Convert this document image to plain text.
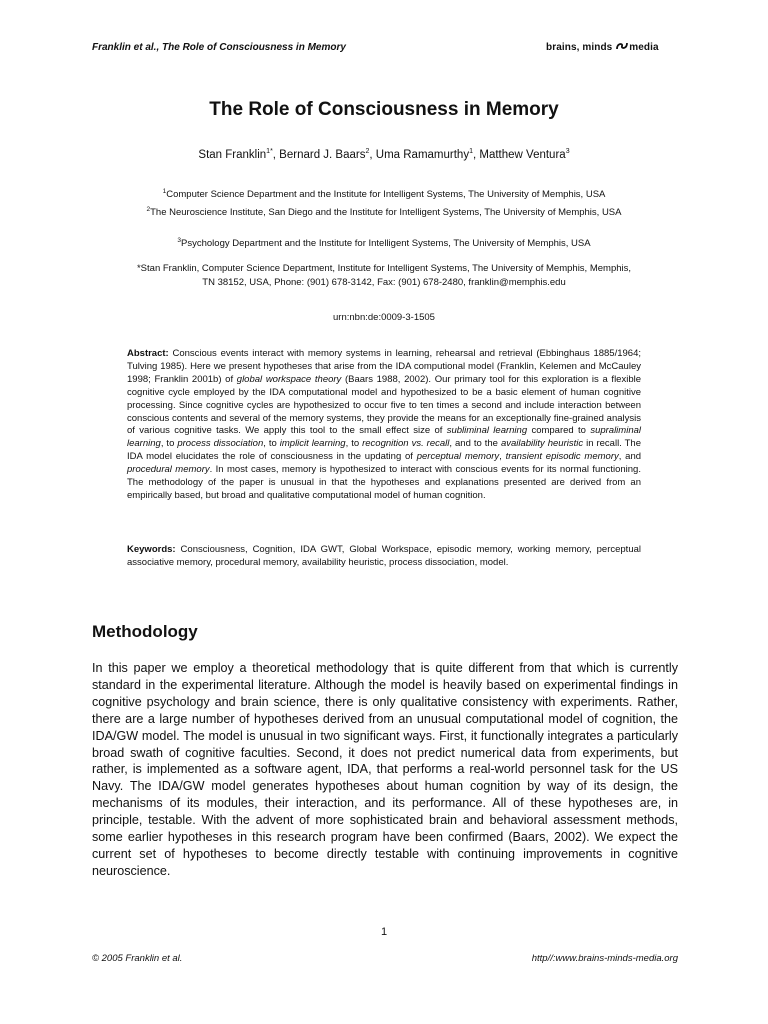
Franklin et al., The Role of Consciousness in Memory	brains, minds media
The Role of Consciousness in Memory
Stan Franklin$^{1*}$, Bernard J. Baars$^2$, Uma Ramamurthy$^1$, Matthew Ventura$^3$
$^1$Computer Science Department and the Institute for Intelligent Systems, The University of Memphis, USA
$^2$The Neuroscience Institute, San Diego and the Institute for Intelligent Systems, The University of Memphis, USA
$^3$Psychology Department and the Institute for Intelligent Systems, The University of Memphis, USA
*Stan Franklin, Computer Science Department, Institute for Intelligent Systems, The University of Memphis, Memphis, TN 38152, USA, Phone: (901) 678-3142, Fax: (901) 678-2480, franklin@memphis.edu
urn:nbn:de:0009-3-1505
Abstract: Conscious events interact with memory systems in learning, rehearsal and retrieval (Ebbinghaus 1885/1964; Tulving 1985). Here we present hypotheses that arise from the IDA computional model (Franklin, Kelemen and McCauley 1998; Franklin 2001b) of global workspace theory (Baars 1988, 2002). Our primary tool for this exploration is a flexible cognitive cycle employed by the IDA computational model and hypothesized to be a basic element of human cognitive processing. Since cognitive cycles are hypothesized to occur five to ten times a second and include interaction between conscious contents and several of the memory systems, they provide the means for an exceptionally fine-grained analysis of various cognitive tasks. We apply this tool to the small effect size of subliminal learning compared to supraliminal learning, to process dissociation, to implicit learning, to recognition vs. recall, and to the availability heuristic in recall. The IDA model elucidates the role of consciousness in the updating of perceptual memory, transient episodic memory, and procedural memory. In most cases, memory is hypothesized to interact with conscious events for its normal functioning. The methodology of the paper is unusual in that the hypotheses and explanations presented are derived from an empirically based, but broad and qualitative computational model of human cognition.
Keywords: Consciousness, Cognition, IDA GWT, Global Workspace, episodic memory, working memory, perceptual associative memory, procedural memory, availability heuristic, process dissociation, model.
Methodology
In this paper we employ a theoretical methodology that is quite different from that which is currently standard in the experimental literature. Although the model is heavily based on experimental findings in cognitive psychology and brain science, there is only qualitative consistency with experiments. Rather, there are a large number of hypotheses derived from an unusual computational model of cognition, the IDA/GW model. The model is unusual in two significant ways. First, it functionally integrates a particularly broad swath of cognitive faculties. Second, it does not predict numerical data from experiments, but rather, is implemented as a software agent, IDA, that performs a real-world personnel task for the US Navy. The IDA/GW model generates hypotheses about human cognition by way of its design, the mechanisms of its modules, their interaction, and its performance. All of these hypotheses are, in principle, testable. With the advent of more sophisticated brain and behavioral assessment methods, some earlier hypotheses in this research program have been confirmed (Baars, 2002). We expect the current set of hypotheses to become directly testable with continuing improvements in cognitive neuroscience.
1
© 2005 Franklin et al.	http//:www.brains-minds-media.org
